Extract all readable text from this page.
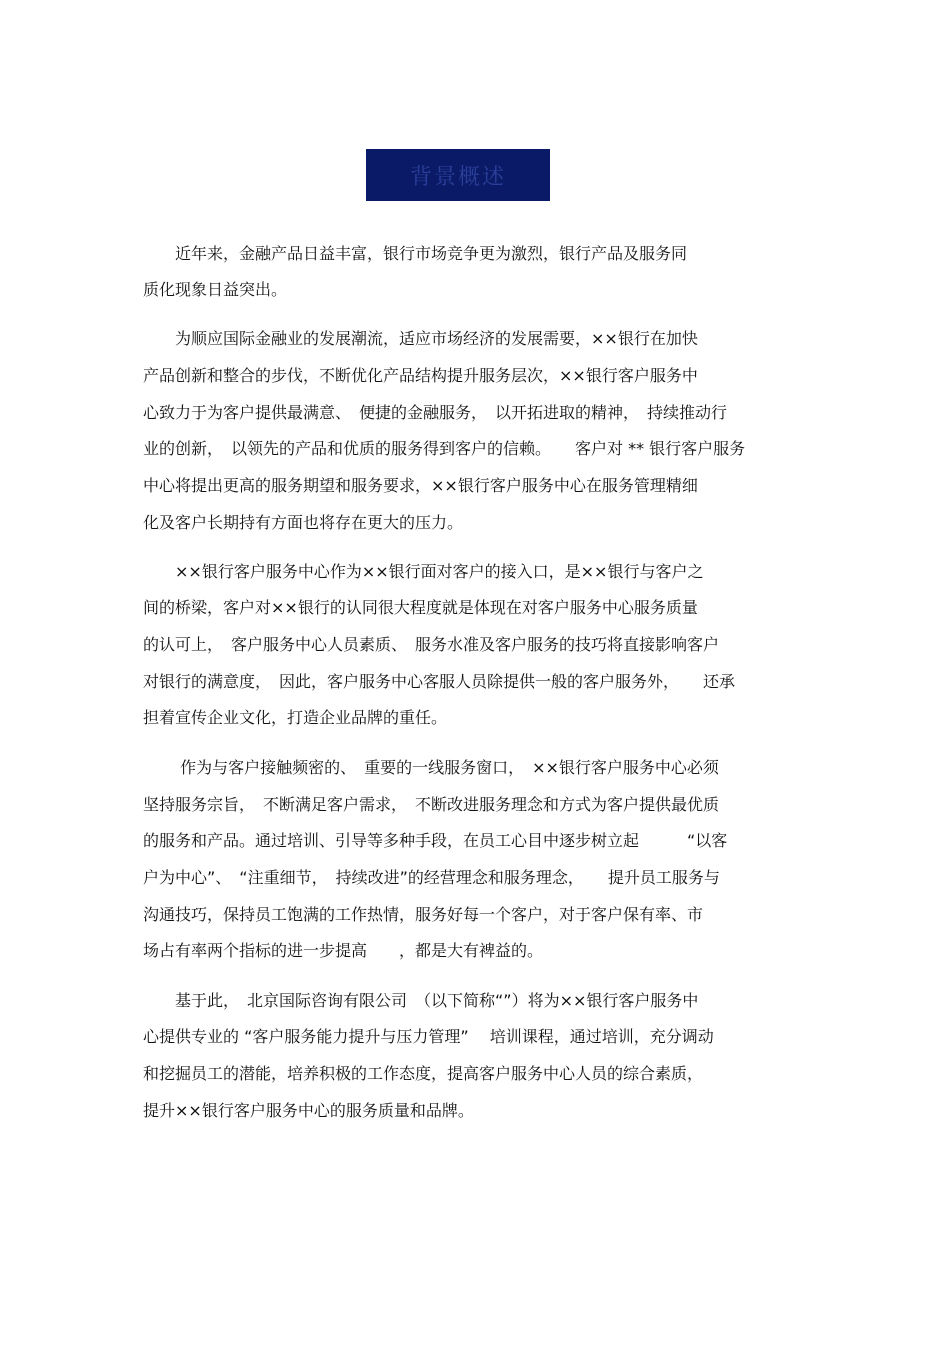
背景概述
　　近年来，金融产品日益丰富，银行市场竞争更为激烈，银行产品及服务同
质化现象日益突出。
　　为顺应国际金融业的发展潮流，适应市场经济的发展需要，××银行在加快
产品创新和整合的步伐，不断优化产品结构提升服务层次，××银行客户服务中
心致力于为客户提供最满意、　便捷的金融服务，　以开拓进取的精神，　持续推动行
业的创新，　以领先的产品和优质的服务得到客户的信赖。　　客户对 ** 银行客户服务
中心将提出更高的服务期望和服务要求，××银行客户服务中心在服务管理精细
化及客户长期持有方面也将存在更大的压力。
　　××银行客户服务中心作为××银行面对客户的接入口，是××银行与客户之
间的桥梁，客户对××银行的认同很大程度就是体现在对客户服务中心服务质量
的认可上，　客户服务中心人员素质、　服务水准及客户服务的技巧将直接影响客户
对银行的满意度，　因此，客户服务中心客服人员除提供一般的客户服务外，　　还承
担着宣传企业文化，打造企业品牌的重任。
　　 作为与客户接触频密的、　重要的一线服务窗口，　××银行客户服务中心必须
坚持服务宗旨，　不断满足客户需求，　不断改进服务理念和方式为客户提供最优质
的服务和产品。通过培训、引导等多种手段，在员工心目中逐步树立起　　　“以客
户为中心”、　“注重细节，　持续改进”的经营理念和服务理念，　　提升员工服务与
沟通技巧，保持员工饱满的工作热情，服务好每一个客户，对于客户保有率、市
场占有率两个指标的进一步提高　　，都是大有裨益的。
　　基于此，　北京国际咨询有限公司　（以下简称“”）将为××银行客户服务中
心提供专业的 “客户服务能力提升与压力管理”　 培训课程，通过培训，充分调动
和挖掘员工的潜能，培养积极的工作态度，提高客户服务中心人员的综合素质，
提升××银行客户服务中心的服务质量和品牌。
